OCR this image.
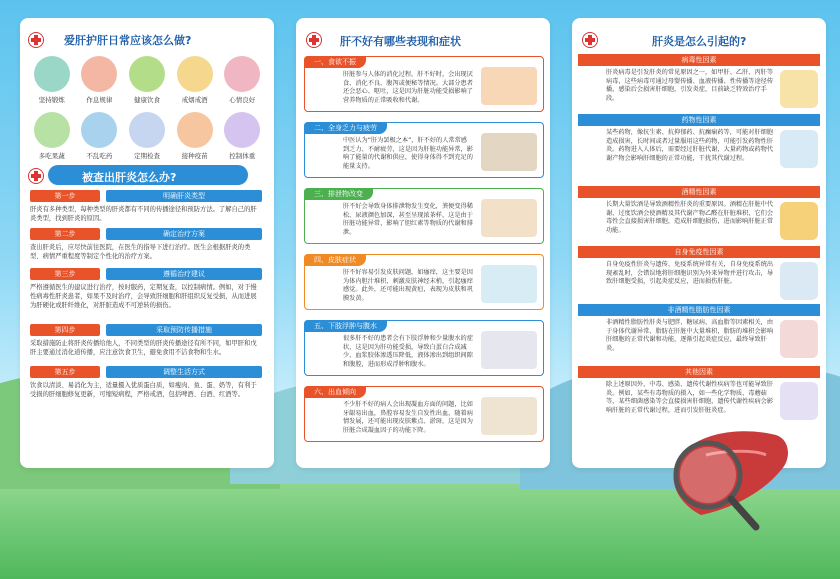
爱肝护肝日常应该怎么做?
坚持锻炼	作息规律	健康饮食	戒烟戒酒	心情良好
多吃果蔬	不乱吃药	定期检查	接种疫苗	控制体重
被查出肝炎怎么办?
第一步	明确肝炎类型
肝炎有多种类型，每种类型的肝炎都有不同的传播途径和预防方法。了解自己的肝炎类型，找到肝炎的原因。
第二步	确定治疗方案
查出肝炎后，应尽快前往医院，在医生的指导下进行治疗。医生会根据肝炎的类型、病情严重程度等制定个性化的治疗方案。
第三步	遵循治疗建议
严格遵循医生的建议进行治疗，按时服药，定期复查，以控制病情。例如，对于慢性病毒性肝炎患者，如果不及时治疗，会导致肝细胞和肝组织反复受损，从而进展为肝硬化或肝纤维化，对肝脏造成不可逆转的损伤。
第四步	采取预防传播措施
采取措施防止将肝炎传播给他人，不同类型的肝炎传播途径有所不同，如甲肝和戊肝主要通过消化道传播，应注意饮食卫生，避免食用不洁食物和生水。
第五步	调整生活方式
饮食以清淡、易消化为主，适量摄入优质蛋白质，如瘦肉、鱼、蛋、奶等，有利于受损的肝细胞修复更新，可缩短病程，严格戒酒，包括啤酒、白酒、红酒等。
肝不好有哪些表现和症状
一、食欲不振
肝脏参与人体的消化过程，肝不好时，会出现厌食、消化不良、腹泻或便秘等情况。大部分患者还会恶心、呕吐，这是因为肝脏功能受损影响了营养物质的正常吸收和代谢。
二、全身乏力与疲劳
中医认为“肝为罢极之本”，肝不好的人常常感到乏力、不耐疲劳，这是因为肝脏功能异常，影响了能量的代谢和供应，使得身体得不到充足的能量支持。
三、排泄物改变
肝不好会导致身体排泄物发生变化，粪便变得稀松、尿液颜色加深，甚至呈现浓茶样，这是由于肝脏功能异常，影响了胆红素等物质的代谢和排泄。
四、皮肤症状
肝不好容易引发皮肤问题，如瘙痒，这主要是因为体内胆汁堆积，刺激皮肤神经末梢，引起瘙痒感觉。此外，还可能出现黄疸，表现为皮肤和巩膜发黄。
五、下肢浮肿与腹水
很多肝不好的患者会有下肢浮肿和少量腹水的症状，这是因为肝功能受损，导致白蛋白合成减少，血浆胶体渗透压降低，液体渗出到组织间隙和腹腔，进而形成浮肿和腹水。
六、出血倾向
不少肝不好的病人会出现凝血方面的问题，比如牙龈易出血，鼻腔容易发生自发性出血，随着病情发展，还可能出现皮肤紫点、淤斑，这是因为肝脏合成凝血因子的功能下降。
肝炎是怎么引起的?
病毒性因素
肝炎病毒是引发肝炎的常见原因之一，如甲肝、乙肝、丙肝等病毒，这些病毒可通过母婴传播、血液传播、性传播等途径传播，感染后会损害肝细胞，引发炎症，目前缺乏特效治疗手段。
药物性因素
某些药物，像抗生素、抗抑郁药、抗癫痫药等，可能对肝细胞造成损害，长时间或者过量服用这些药物，可能引发药物性肝炎。药物进入人体后，需要经过肝脏代谢，大量药物或药物代谢产物会影响肝细胞的正常功能，干扰其代谢过程。
酒精性因素
长期大量饮酒是导致酒精性肝炎的重要原因。酒精在肝脏中代谢，过度饮酒会使酒精及其代谢产物乙醛在肝脏堆积，它们会毒性会直接损害肝细胞，造成肝细胞损伤，进而影响肝脏正常功能。
自身免疫性因素
自身免疫性肝炎与遗传、免疫系统异常有关，自身免疫系统出现紊乱时，会错误地将肝细胞识别为外来异物并进行攻击，导致肝细胞受损，引起炎症反应，进而损伤肝脏。
非酒精性脂肪性因素
非酒精性脂肪性肝炎与肥胖、糖尿病、高血脂等因素相关，由于身体代谢异常，脂肪在肝脏中大量堆积，脂肪的堆积会影响肝细胞的正常代谢和功能，逐渐引起炎症反应，最终导致肝炎。
其他因素
除上述原因外，中毒、感染、遗传代谢性疾病等也可能导致肝炎。例如，某些有毒物质的摄入，如一些化学物质、毒蘑菇等，某些细菌感染等会直接损害肝细胞，遗传代谢性疾病会影响肝脏的正常代谢过程，进而引发肝脏炎症。
